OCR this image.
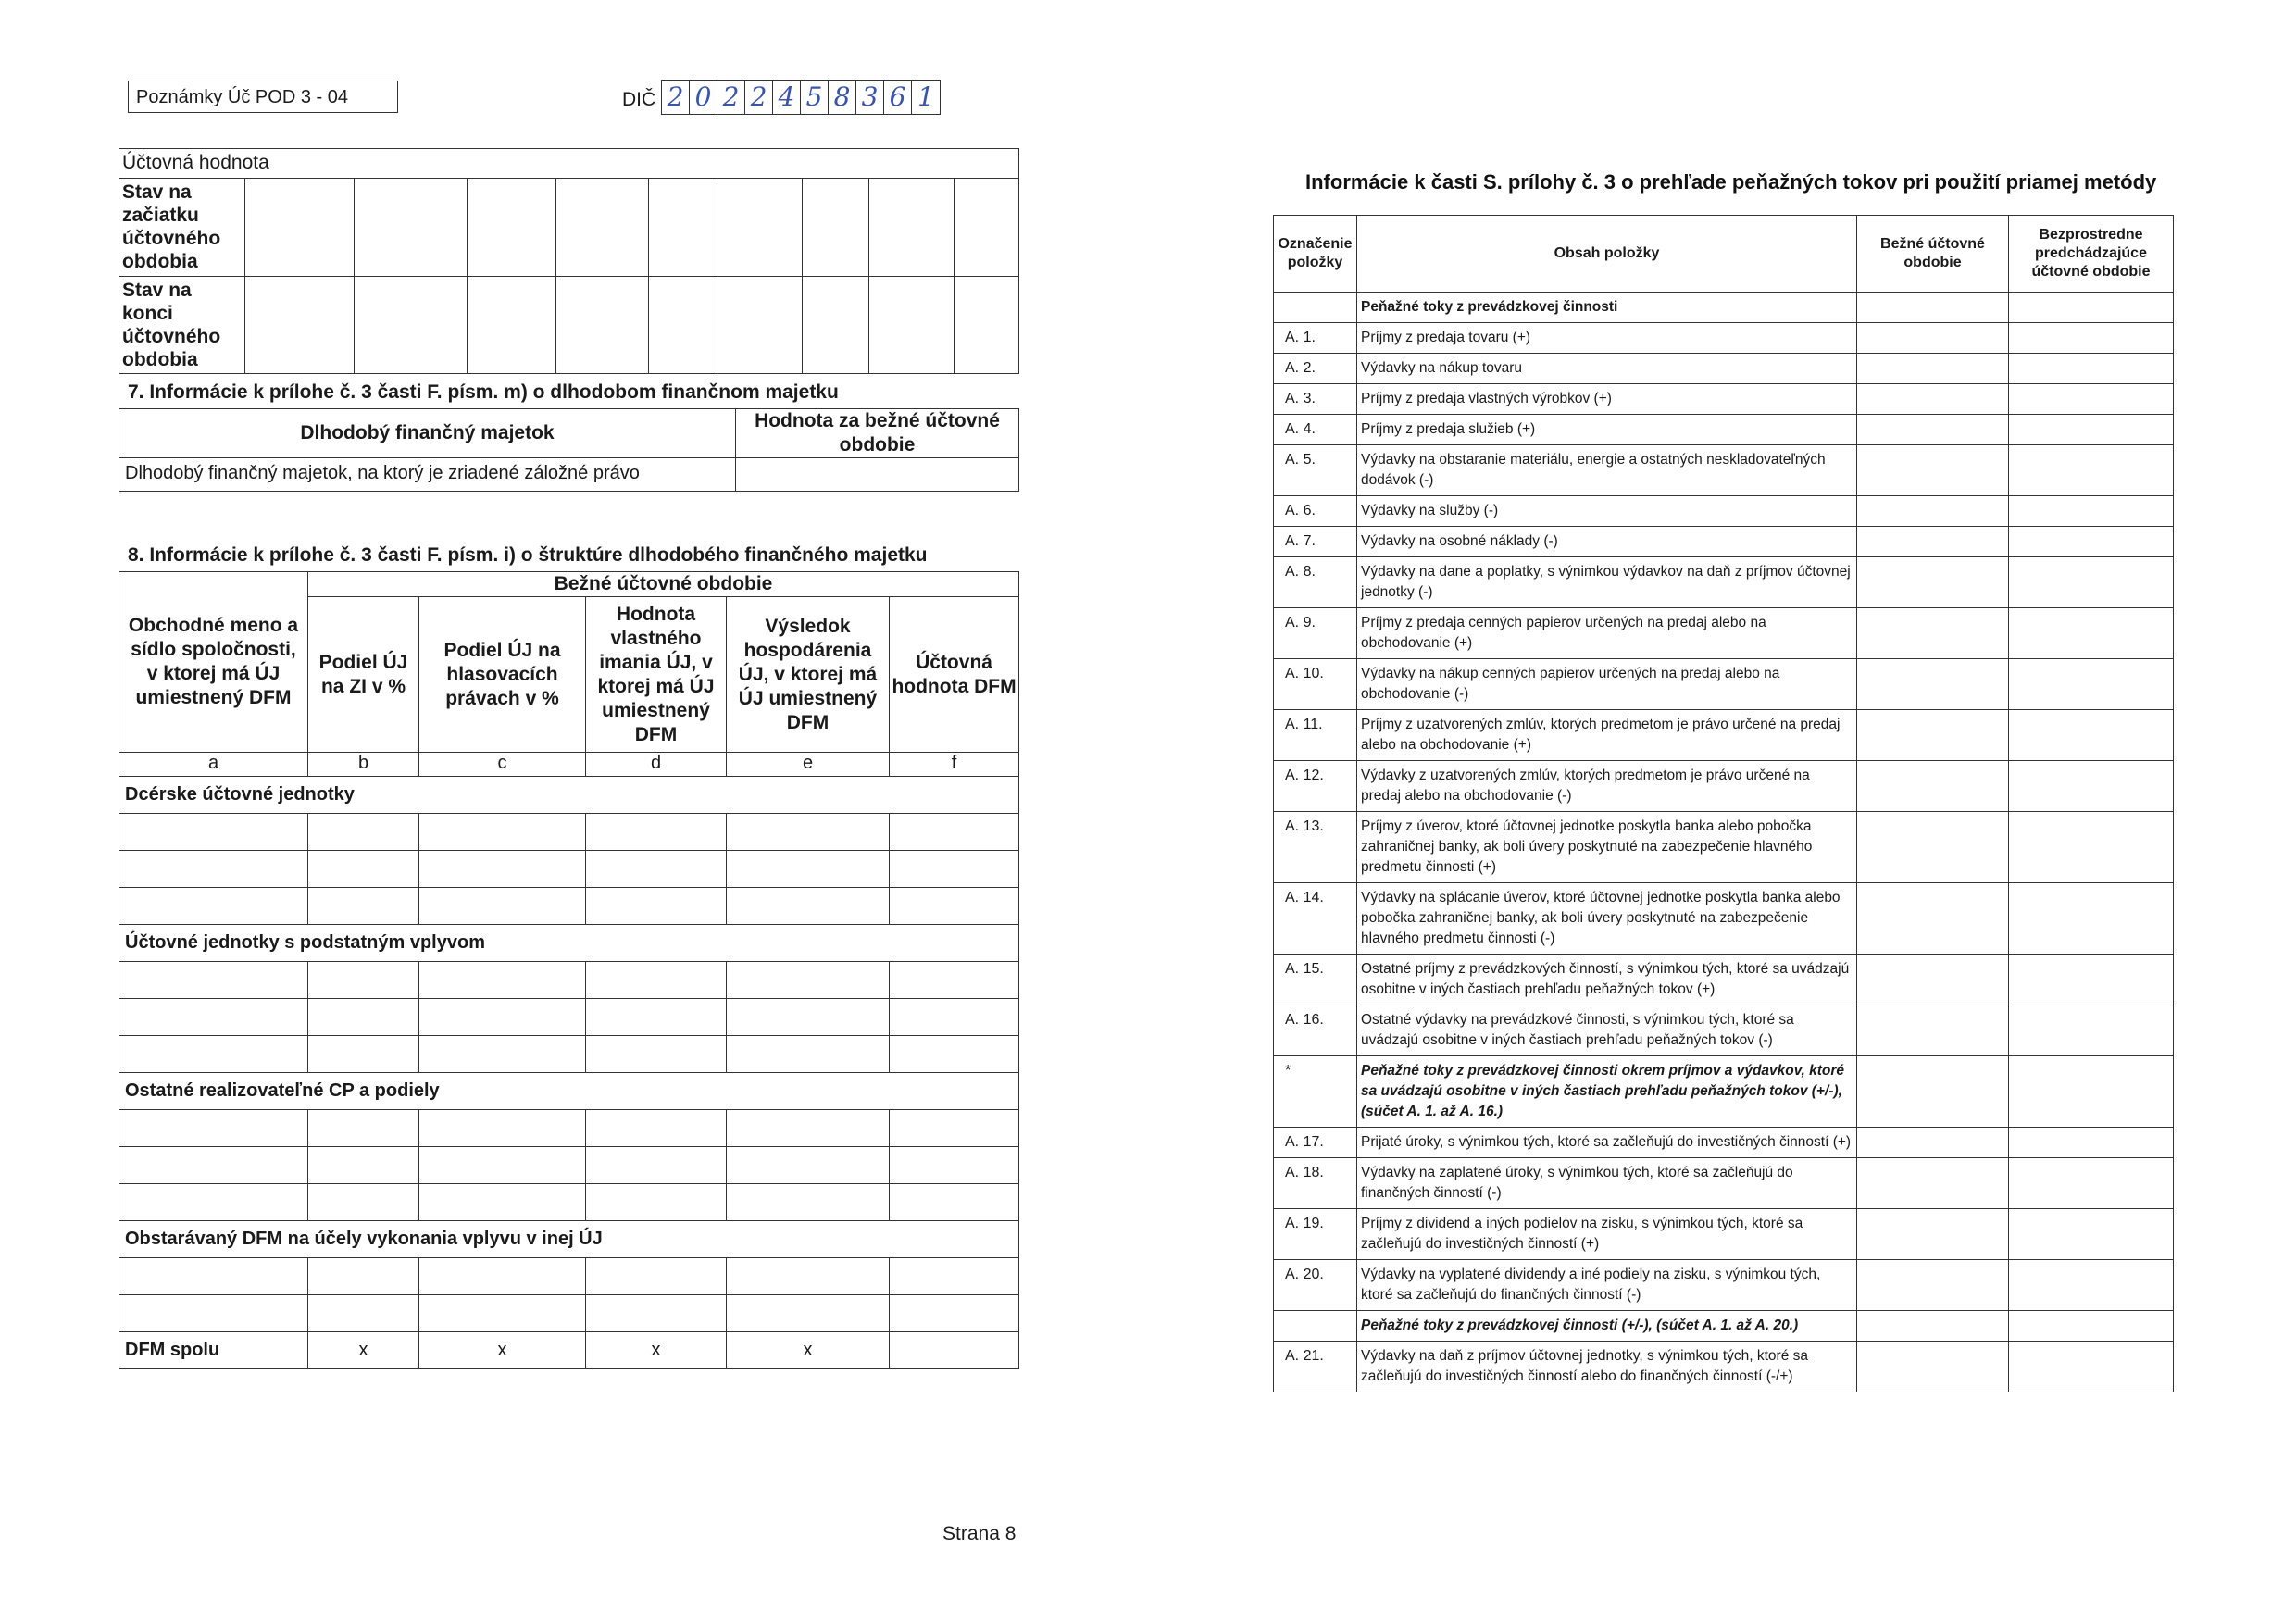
Poznámky Úč POD 3 - 04	DIČ 2 0 2 2 4 5 8 3 6 1
Účtovná hodnota									
Stav na začiatku účtovného obdobia									
Stav na konci účtovného obdobia									
7. Informácie k prílohe č. 3 časti F. písm. m) o dlhodobom finančnom majetku
Dlhodobý finančný majetok	Hodnota za bežné účtovné obdobie
Dlhodobý finančný majetok, na ktorý je zriadené záložné právo	
8. Informácie k prílohe č. 3 časti F. písm. i) o štruktúre dlhodobého finančného majetku
Obchodné meno a sídlo spoločnosti, v ktorej má ÚJ umiestnený DFM	Bežné účtovné obdobie				
	Podiel ÚJ na ZI v %	Podiel ÚJ na hlasovacích právach v %	Hodnota vlastného imania ÚJ, v ktorej má ÚJ umiestnený DFM	Výsledok hospodárenia ÚJ, v ktorej má ÚJ umiestnený DFM	Účtovná hodnota DFM
a	b	c	d	e	f
Dcérske účtovné jednotky					

Účtovné jednotky s podstatným vplyvom					

Ostatné realizovateľné CP a podiely					

Obstarávaný DFM na účely vykonania vplyvu v inej ÚJ					

DFM spolu	x	x	x	x	
Strana 8
Informácie k časti S. prílohy č. 3 o prehľade peňažných tokov pri použití priamej metódy
Označenie položky	Obsah položky	Bežné účtovné obdobie	Bezprostredne predchádzajúce účtovné obdobie
	Peňažné toky z prevádzkovej činnosti		
A. 1.	Príjmy z predaja tovaru (+)		
A. 2.	Výdavky na nákup tovaru		
A. 3.	Príjmy z predaja vlastných výrobkov (+)		
A. 4.	Príjmy z predaja služieb (+)		
A. 5.	Výdavky na obstaranie materiálu, energie a ostatných neskladovateľných dodávok (-)		
A. 6.	Výdavky na služby (-)		
A. 7.	Výdavky na osobné náklady (-)		
A. 8.	Výdavky na dane a poplatky, s výnimkou výdavkov na daň z príjmov účtovnej jednotky (-)		
A. 9.	Príjmy z predaja cenných papierov určených na predaj alebo na obchodovanie (+)		
A. 10.	Výdavky na nákup cenných papierov určených na predaj alebo na obchodovanie (-)		
A. 11.	Príjmy z uzatvorených zmlúv, ktorých predmetom je právo určené na predaj alebo na obchodovanie (+)		
A. 12.	Výdavky z uzatvorených zmlúv, ktorých predmetom je právo určené na predaj alebo na obchodovanie (-)		
A. 13.	Príjmy z úverov, ktoré účtovnej jednotke poskytla banka alebo pobočka zahraničnej banky, ak boli úvery poskytnuté na zabezpečenie hlavného predmetu činnosti (+)		
A. 14.	Výdavky na splácanie úverov, ktoré účtovnej jednotke poskytla banka alebo pobočka zahraničnej banky, ak boli úvery poskytnuté na zabezpečenie hlavného predmetu činnosti (-)		
A. 15.	Ostatné príjmy z prevádzkových činností, s výnimkou tých, ktoré sa uvádzajú osobitne v iných častiach prehľadu peňažných tokov (+)		
A. 16.	Ostatné výdavky na prevádzkové činnosti, s výnimkou tých, ktoré sa uvádzajú osobitne v iných častiach prehľadu peňažných tokov (-)		
*	Peňažné toky z prevádzkovej činnosti okrem príjmov a výdavkov, ktoré sa uvádzajú osobitne v iných častiach prehľadu peňažných tokov (+/-), (súčet A. 1. až A. 16.)		
A. 17.	Prijaté úroky, s výnimkou tých, ktoré sa začleňujú do investičných činností (+)		
A. 18.	Výdavky na zaplatené úroky, s výnimkou tých, ktoré sa začleňujú do finančných činností (-)		
A. 19.	Príjmy z dividend a iných podielov na zisku, s výnimkou tých, ktoré sa začleňujú do investičných činností (+)		
A. 20.	Výdavky na vyplatené dividendy a iné podiely na zisku, s výnimkou tých, ktoré sa začleňujú do finančných činností (-)		
	Peňažné toky z prevádzkovej činnosti (+/-), (súčet A. 1. až A. 20.)		
A. 21.	Výdavky na daň z príjmov účtovnej jednotky, s výnimkou tých, ktoré sa začleňujú do investičných činností alebo do finančných činností (-/+)		
